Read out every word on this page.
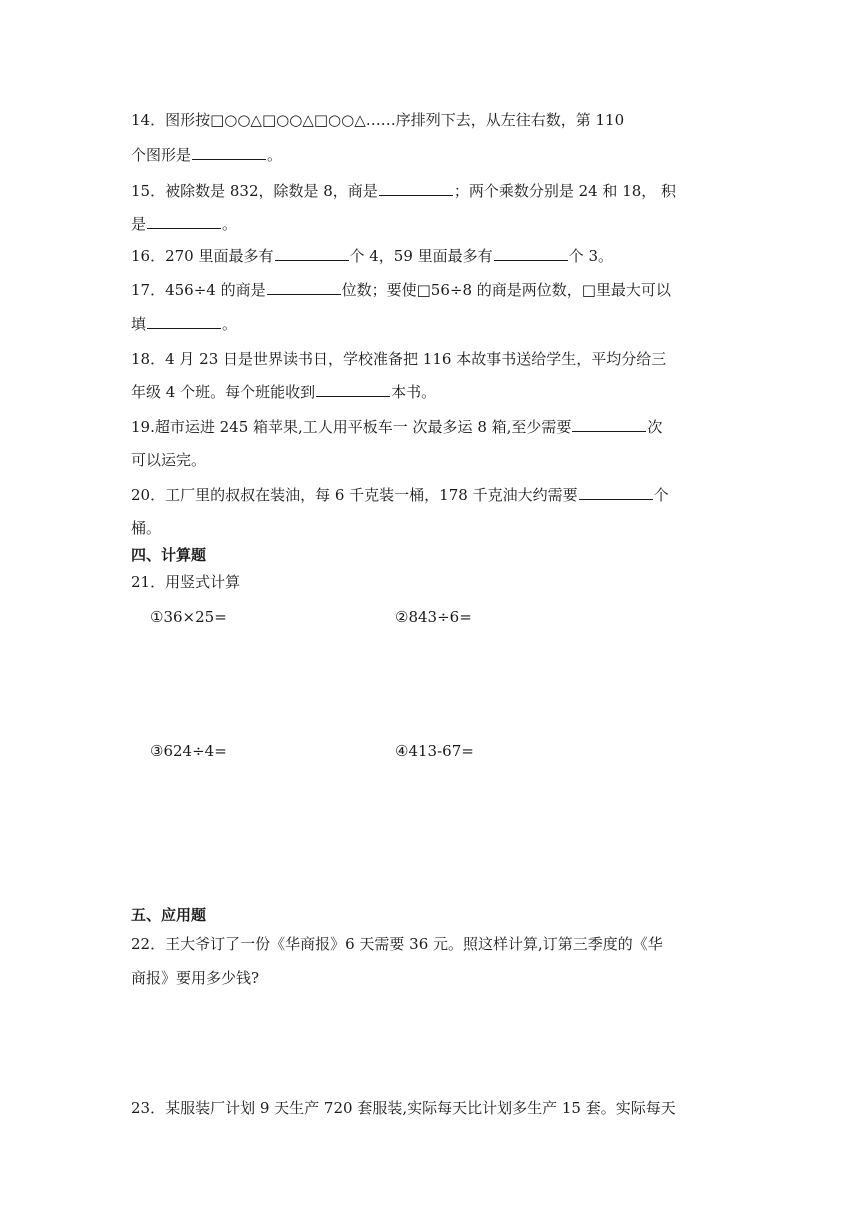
14．图形按□○○△□○○△□○○△……序排列下去，从左往右数，第 110
个图形是	。
15．被除数是 832，除数是 8，商是	；两个乘数分别是 24 和 18， 积
是	。
16．270 里面最多有	个 4，59 里面最多有	个 3。
17．456÷4 的商是	位数；要使□56÷8 的商是两位数，□里最大可以
填	。
18．4 月 23 日是世界读书日，学校准备把 116 本故事书送给学生，平均分给三
年级 4 个班。每个班能收到	本书。
19.超市运进 245 箱苹果,工人用平板车一 次最多运 8 箱,至少需要	次
可以运完。
20．工厂里的叔叔在装油，每 6 千克装一桶，178 千克油大约需要	个
桶。
四、计算题
21．用竖式计算
①36×25=	②843÷6=
③624÷4=	④413-67=
五、应用题
22．王大爷订了一份《华商报》6 天需要 36 元。照这样计算,订第三季度的《华
商报》要用多少钱?
23．某服装厂计划 9 天生产 720 套服装,实际每天比计划多生产 15 套。实际每天
